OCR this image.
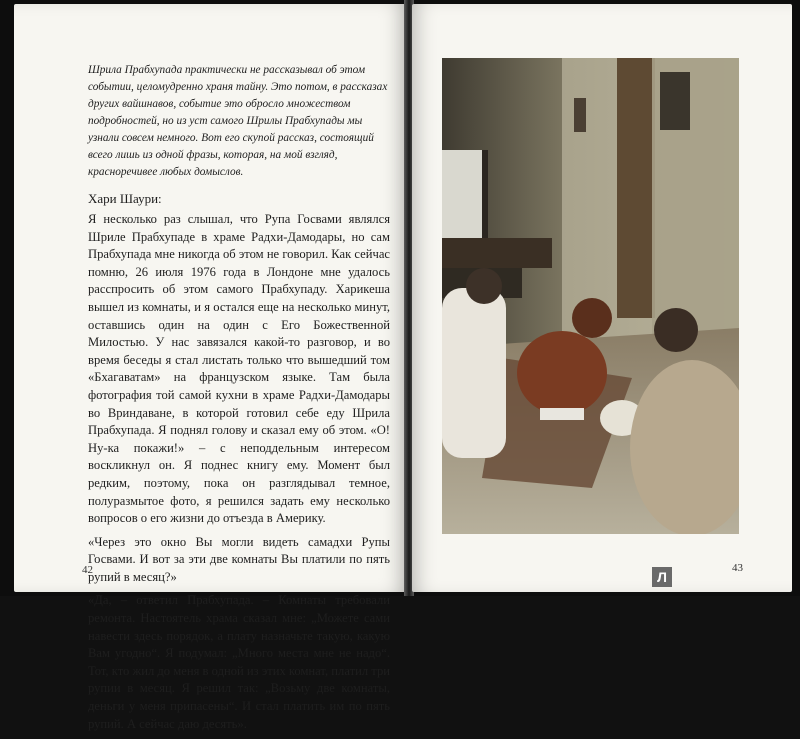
Шрила Прабхупада практически не рассказывал об этом событии, целомудренно храня тайну. Это потом, в рассказах других вайшнавов, событие это обросло множеством подробностей, но из уст самого Шрилы Прабхупады мы узнали совсем немного. Вот его скупой рассказ, состоящий всего лишь из одной фразы, которая, на мой взгляд, красноречивее любых домыслов.

Хари Шаури:

Я несколько раз слышал, что Рупа Госвами являлся Шриле Прабхупаде в храме Радхи-Дамодары, но сам Прабхупада мне никогда об этом не говорил. Как сейчас помню, 26 июля 1976 года в Лондоне мне удалось расспросить об этом самого Прабхупаду. Харикеша вышел из комнаты, и я остался еще на несколько минут, оставшись один на один с Его Божественной Милостью. У нас завязался какой-то разговор, и во время беседы я стал листать только что вышедший том «Бхагаватам» на французском языке. Там была фотография той самой кухни в храме Радхи-Дамодары во Вриндаване, в которой готовил себе еду Шрила Прабхупада. Я поднял голову и сказал ему об этом. «О! Ну-ка покажи!» – с неподдельным интересом воскликнул он. Я поднес книгу ему. Момент был редким, поэтому, пока он разглядывал темное, полуразмытое фото, я решился задать ему несколько вопросов о его жизни до отъезда в Америку.

«Через это окно Вы могли видеть самадхи Рупы Госвами. И вот за эти две комнаты Вы платили по пять рупий в месяц?»

«Да, – ответил Прабхупада. – Комнаты требовали ремонта. Настоятель храма сказал мне: „Можете сами навести здесь порядок, а плату назначьте такую, какую Вам угодно“. Я подумал: „Много места мне не надо“. Тот, кто жил до меня в одной из этих комнат, платил три рупии в месяц. Я решил так: „Возьму две комнаты, деньги у меня припасены“. И стал платить им по пять рупий. А сейчас даю десять».

42	Л
43
